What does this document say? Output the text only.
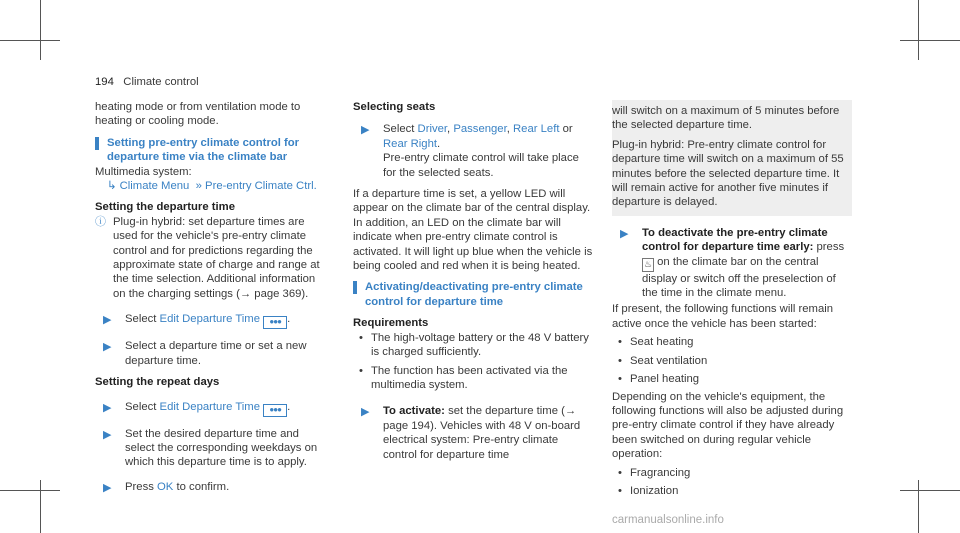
194 Climate control

heating mode or from ventilation mode to heating or cooling mode.

Setting pre-entry climate control for departure time via the climate bar

Multimedia system:

↳ Climate Menu » Pre-entry Climate Ctrl.

Setting the departure time

ⓘ Plug-in hybrid: set departure times are used for the vehicle's pre-entry climate control and for predictions regarding the approximate state of charge and range at the time selection. Additional information on the charging settings (→ page 369).
▶ Select Edit Departure Time ●●● .
▶ Select a departure time or set a new departure time.

Setting the repeat days

▶ Select Edit Departure Time ●●● .
▶ Set the desired departure time and select the corresponding weekdays on which this departure time is to apply.
▶ Press OK to confirm.

Selecting seats

▶ Select Driver, Passenger, Rear Left or Rear Right.
Pre-entry climate control will take place for the selected seats.

If a departure time is set, a yellow LED will appear on the climate bar of the central display. In addition, an LED on the climate bar will indicate when pre-entry climate control is activated. It will light up blue when the vehicle is being cooled and red when it is being heated.

Activating/deactivating pre-entry climate control for departure time

Requirements

• The high-voltage battery or the 48 V battery is charged sufficiently.
• The function has been activated via the multimedia system.
▶ To activate: set the departure time (→ page 194). Vehicles with 48 V on-board electrical system: Pre-entry climate control for departure time
will switch on a maximum of 5 minutes before the selected departure time.
Plug-in hybrid: Pre-entry climate control for departure time will switch on a maximum of 55 minutes before the selected departure time. It will remain active for another five minutes if departure is delayed.
▶ To deactivate the pre-entry climate control for departure time early: press ♨ on the climate bar on the central display or switch off the preselection of the time in the climate menu.

If present, the following functions will remain active once the vehicle has been started:

• Seat heating
• Seat ventilation
• Panel heating

Depending on the vehicle's equipment, the following functions will also be adjusted during pre-entry climate control if they have already been switched on during regular vehicle operation:

• Fragrancing
• Ionization
carmanualsonline.info
